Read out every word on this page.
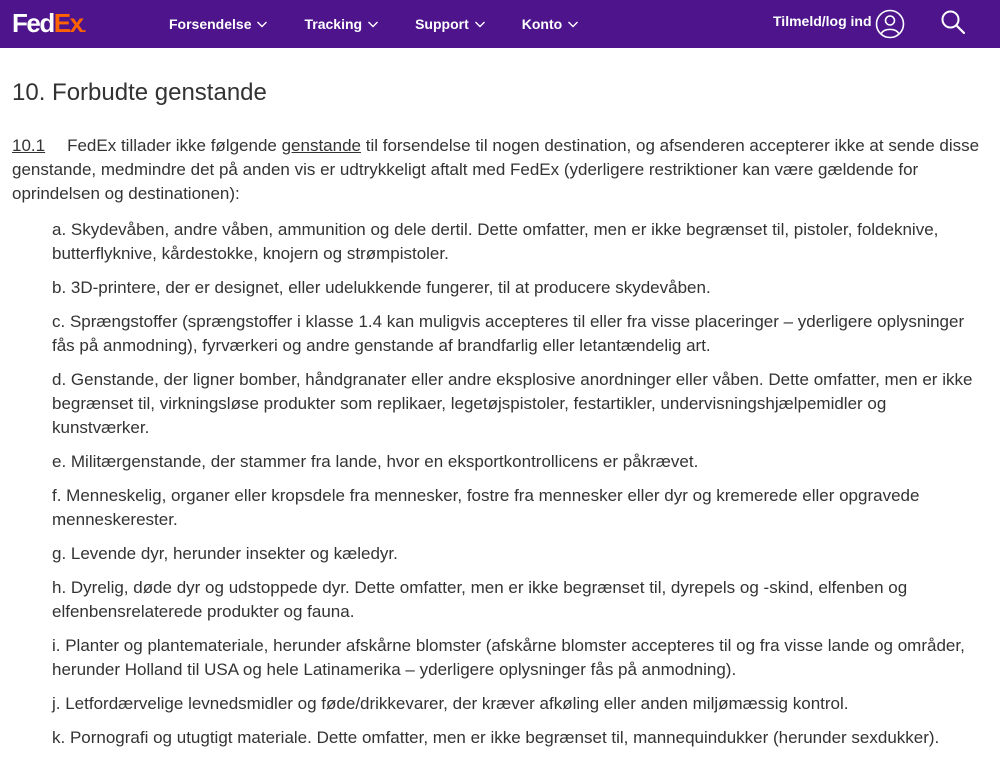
FedEx.	Forsendelse	Tracking	Support	Konto	Tilmeld/log ind
10. Forbudte genstande
10.1 FedEx tillader ikke følgende genstande til forsendelse til nogen destination, og afsenderen accepterer ikke at sende disse genstande, medmindre det på anden vis er udtrykkeligt aftalt med FedEx (yderligere restriktioner kan være gældende for oprindelsen og destinationen):
a. Skydevåben, andre våben, ammunition og dele dertil. Dette omfatter, men er ikke begrænset til, pistoler, foldeknive, butterflyknive, kårdestokke, knojern og strømpistoler.
b. 3D-printere, der er designet, eller udelukkende fungerer, til at producere skydevåben.
c. Sprængstoffer (sprængstoffer i klasse 1.4 kan muligvis accepteres til eller fra visse placeringer – yderligere oplysninger fås på anmodning), fyrværkeri og andre genstande af brandfarlig eller letantændelig art.
d. Genstande, der ligner bomber, håndgranater eller andre eksplosive anordninger eller våben. Dette omfatter, men er ikke begrænset til, virkningsløse produkter som replikaer, legetøjspistoler, festartikler, undervisningshjælpemidler og kunstværker.
e. Militærgenstande, der stammer fra lande, hvor en eksportkontrollicens er påkrævet.
f. Menneskelig, organer eller kropsdele fra mennesker, fostre fra mennesker eller dyr og kremerede eller opgravede menneskerester.
g. Levende dyr, herunder insekter og kæledyr.
h. Dyrelig, døde dyr og udstoppede dyr. Dette omfatter, men er ikke begrænset til, dyrepels og -skind, elfenben og elfenbensrelaterede produkter og fauna.
i. Planter og plantemateriale, herunder afskårne blomster (afskårne blomster accepteres til og fra visse lande og områder, herunder Holland til USA og hele Latinamerika – yderligere oplysninger fås på anmodning).
j. Letfordærvelige levnedsmidler og føde/drikkevarer, der kræver afkøling eller anden miljømæssig kontrol.
k. Pornografi og utugtigt materiale. Dette omfatter, men er ikke begrænset til, mannequindukker (herunder sexdukker).
